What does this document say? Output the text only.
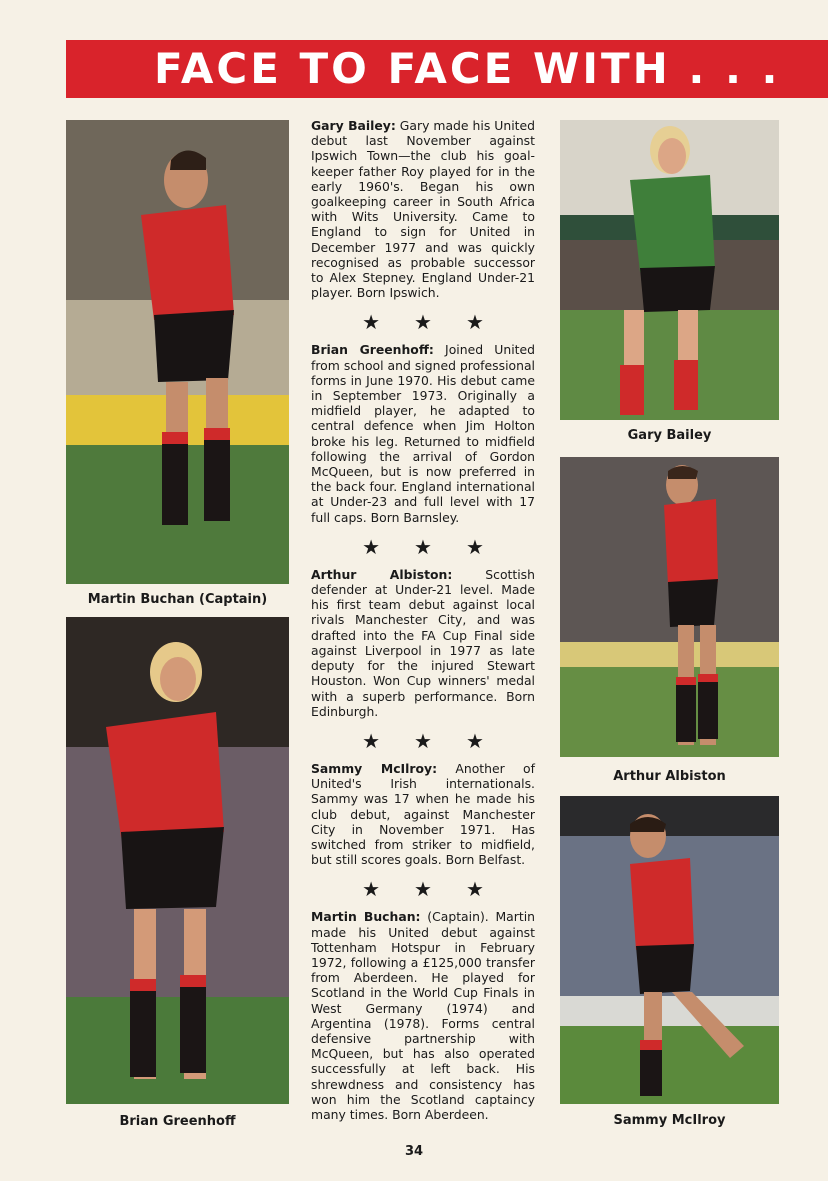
FACE TO FACE WITH . . .
Martin Buchan (Captain)
Brian Greenhoff

Gary Bailey: Gary made his United debut last November against Ipswich Town—the club his goal-keeper father Roy played for in the early 1960's. Began his own goalkeeping career in South Africa with Wits University. Came to England to sign for United in December 1977 and was quickly recognised as probable successor to Alex Stepney. England Under-21 player. Born Ipswich.

★★★

Brian Greenhoff: Joined United from school and signed professional forms in June 1970. His debut came in September 1973. Originally a midfield player, he adapted to central defence when Jim Holton broke his leg. Returned to midfield following the arrival of Gordon McQueen, but is now preferred in the back four. England international at Under-23 and full level with 17 full caps. Born Barnsley.

★★★

Arthur Albiston: Scottish defender at Under-21 level. Made his first team debut against local rivals Manchester City, and was drafted into the FA Cup Final side against Liverpool in 1977 as late deputy for the injured Stewart Houston. Won Cup winners' medal with a superb performance. Born Edinburgh.

★★★

Sammy McIlroy: Another of United's Irish internationals. Sammy was 17 when he made his club debut, against Manchester City in November 1971. Has switched from striker to midfield, but still scores goals. Born Belfast.

★★★

Martin Buchan: (Captain). Martin made his United debut against Tottenham Hotspur in February 1972, following a £125,000 transfer from Aberdeen. He played for Scotland in the World Cup Finals in West Germany (1974) and Argentina (1978). Forms central defensive partnership with McQueen, but has also operated successfully at left back. His shrewdness and consistency has won him the Scotland captaincy many times. Born Aberdeen.

Gary Bailey
Arthur Albiston
Sammy McIlroy
34
